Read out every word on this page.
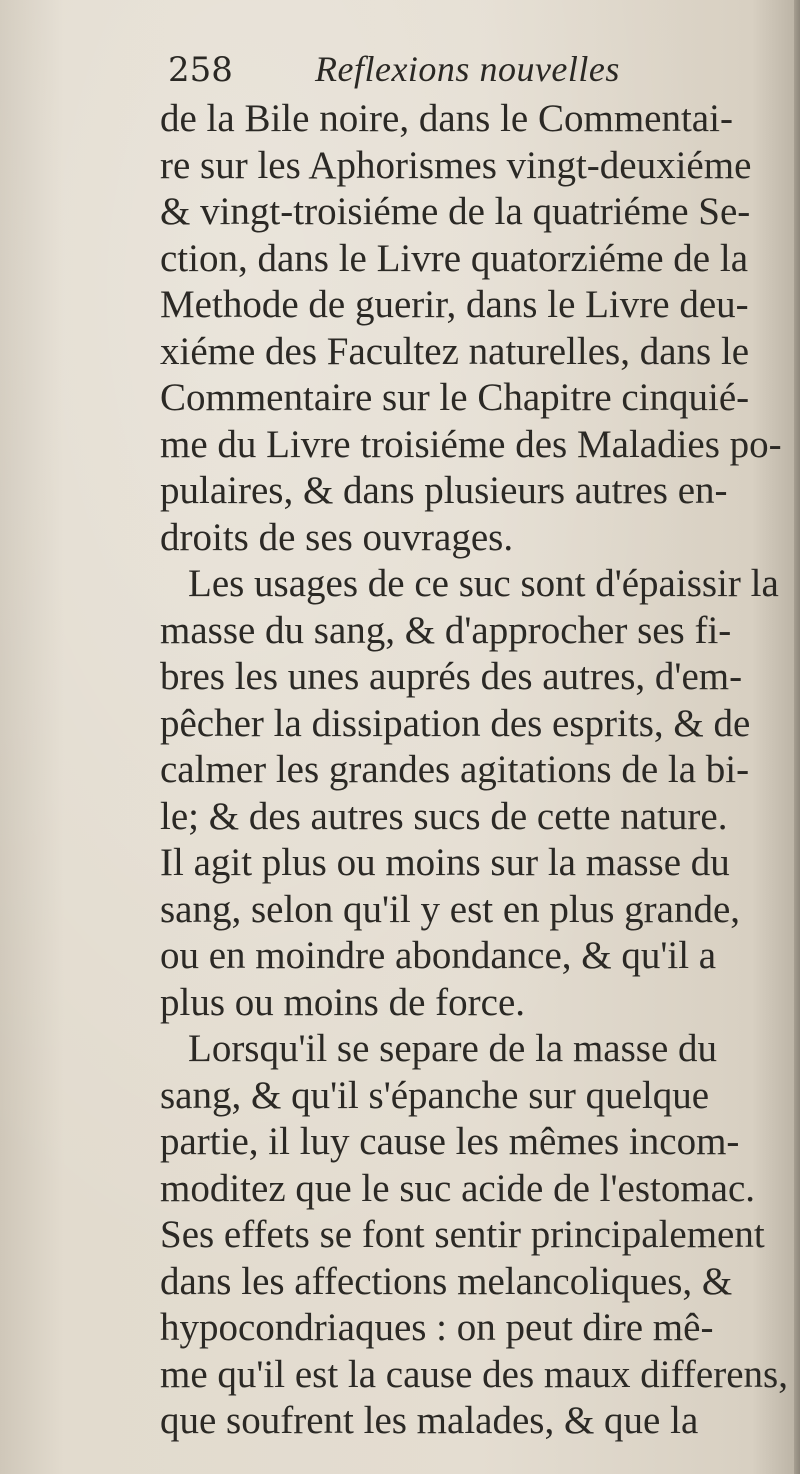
258 Reflexions nouvelles
de la Bile noire, dans le Commentai-
re sur les Aphorismes vingt-deuxiéme
& vingt-troisiéme de la quatriéme Se-
ction, dans le Livre quatorziéme de la
Methode de guerir, dans le Livre deu-
xiéme des Facultez naturelles, dans le
Commentaire sur le Chapitre cinquié-
me du Livre troisiéme des Maladies po-
pulaires, & dans plusieurs autres en-
droits de ses ouvrages.
Les usages de ce suc sont d'épaissir la
masse du sang, & d'approcher ses fi-
bres les unes auprés des autres, d'em-
pêcher la dissipation des esprits, & de
calmer les grandes agitations de la bi-
le; & des autres sucs de cette nature.
Il agit plus ou moins sur la masse du
sang, selon qu'il y est en plus grande,
ou en moindre abondance, & qu'il a
plus ou moins de force.
Lorsqu'il se separe de la masse du
sang, & qu'il s'épanche sur quelque
partie, il luy cause les mêmes incom-
moditez que le suc acide de l'estomac.
Ses effets se font sentir principalement
dans les affections melancoliques, &
hypocondriaques : on peut dire mê-
me qu'il est la cause des maux differens,
que soufrent les malades, & que la
